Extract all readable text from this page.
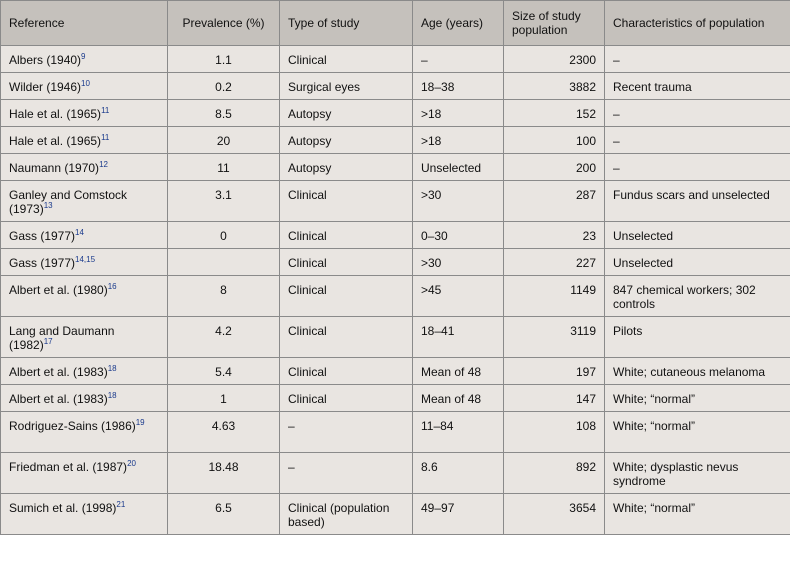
Reference	Prevalence (%)	Type of study	Age (years)	Size of study population	Characteristics of population
Albers $(1940)^9$	1.1	Clinical	–	2300	–
Wilder $(1946)^{10}$	0.2	Surgical eyes	18–38	3882	Recent trauma
Hale et al. $(1965)^{11}$	8.5	Autopsy	>18	152	–
Hale et al. $(1965)^{11}$	20	Autopsy	>18	100	–
Naumann $(1970)^{12}$	11	Autopsy	Unselected	200	–
Ganley and Comstock $(1973)^{13}$	3.1	Clinical	>30	287	Fundus scars and unselected
Gass $(1977)^{14}$	0	Clinical	0–30	23	Unselected
Gass $(1977)^{14,15}$		Clinical	>30	227	Unselected
Albert et al. $(1980)^{16}$	8	Clinical	>45	1149	847 chemical workers; 302 controls
Lang and Daumann $(1982)^{17}$	4.2	Clinical	18–41	3119	Pilots
Albert et al. $(1983)^{18}$	5.4	Clinical	Mean of 48	197	White; cutaneous melanoma
Albert et al. $(1983)^{18}$	1	Clinical	Mean of 48	147	White; “normal”
Rodriguez-Sains $(1986)^{19}$	4.63	–	11–84	108	White; “normal”
Friedman et al. $(1987)^{20}$	18.48	–	8.6	892	White; dysplastic nevus syndrome
Sumich et al. $(1998)^{21}$	6.5	Clinical (population based)	49–97	3654	White; “normal”
